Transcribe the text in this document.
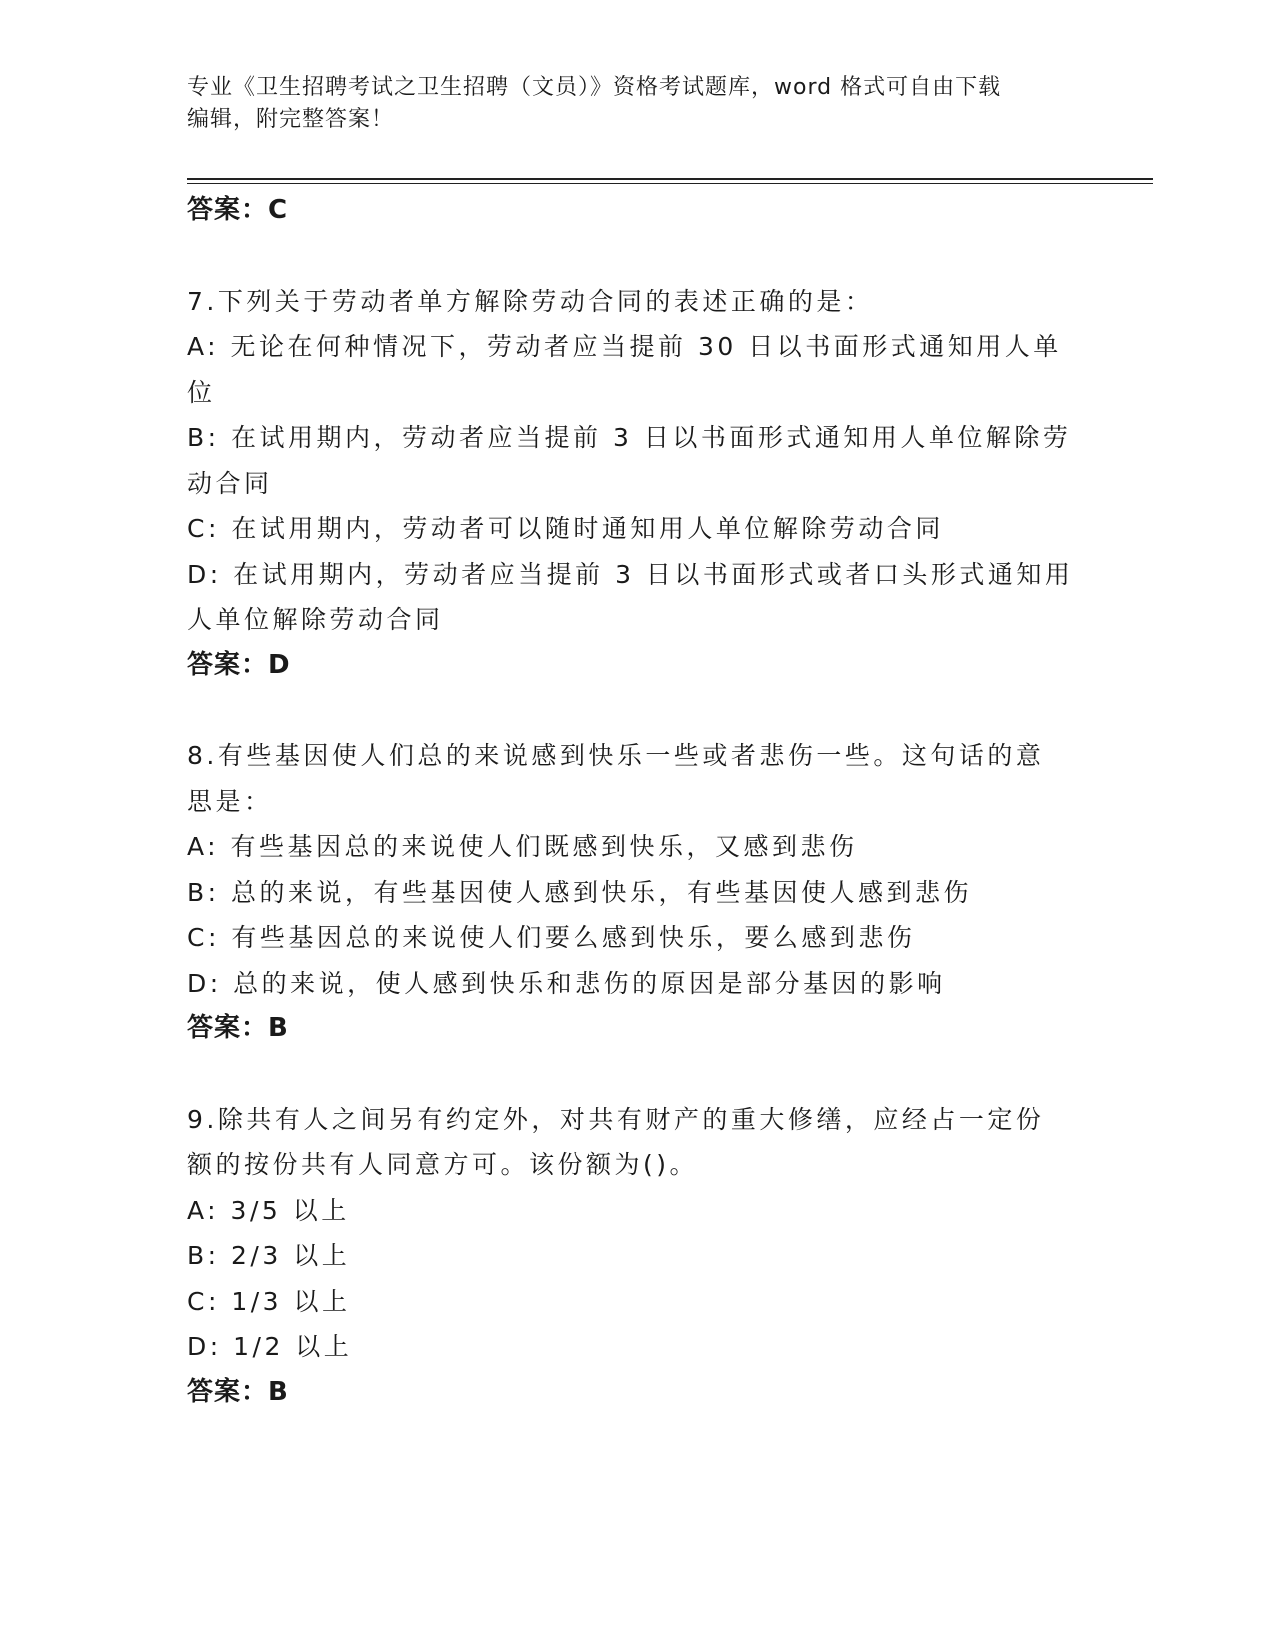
专业《卫生招聘考试之卫生招聘（文员）》资格考试题库，word 格式可自由下载
编辑，附完整答案！
答案：C
7.下列关于劳动者单方解除劳动合同的表述正确的是：
A: 无论在何种情况下，劳动者应当提前 30 日以书面形式通知用人单
位
B: 在试用期内，劳动者应当提前 3 日以书面形式通知用人单位解除劳
动合同
C: 在试用期内，劳动者可以随时通知用人单位解除劳动合同
D: 在试用期内，劳动者应当提前 3 日以书面形式或者口头形式通知用
人单位解除劳动合同
答案：D
8.有些基因使人们总的来说感到快乐一些或者悲伤一些。这句话的意
思是：
A: 有些基因总的来说使人们既感到快乐，又感到悲伤
B: 总的来说，有些基因使人感到快乐，有些基因使人感到悲伤
C: 有些基因总的来说使人们要么感到快乐，要么感到悲伤
D: 总的来说，使人感到快乐和悲伤的原因是部分基因的影响
答案：B
9.除共有人之间另有约定外，对共有财产的重大修缮，应经占一定份
额的按份共有人同意方可。该份额为()。
A: 3/5 以上
B: 2/3 以上
C: 1/3 以上
D: 1/2 以上
答案：B
